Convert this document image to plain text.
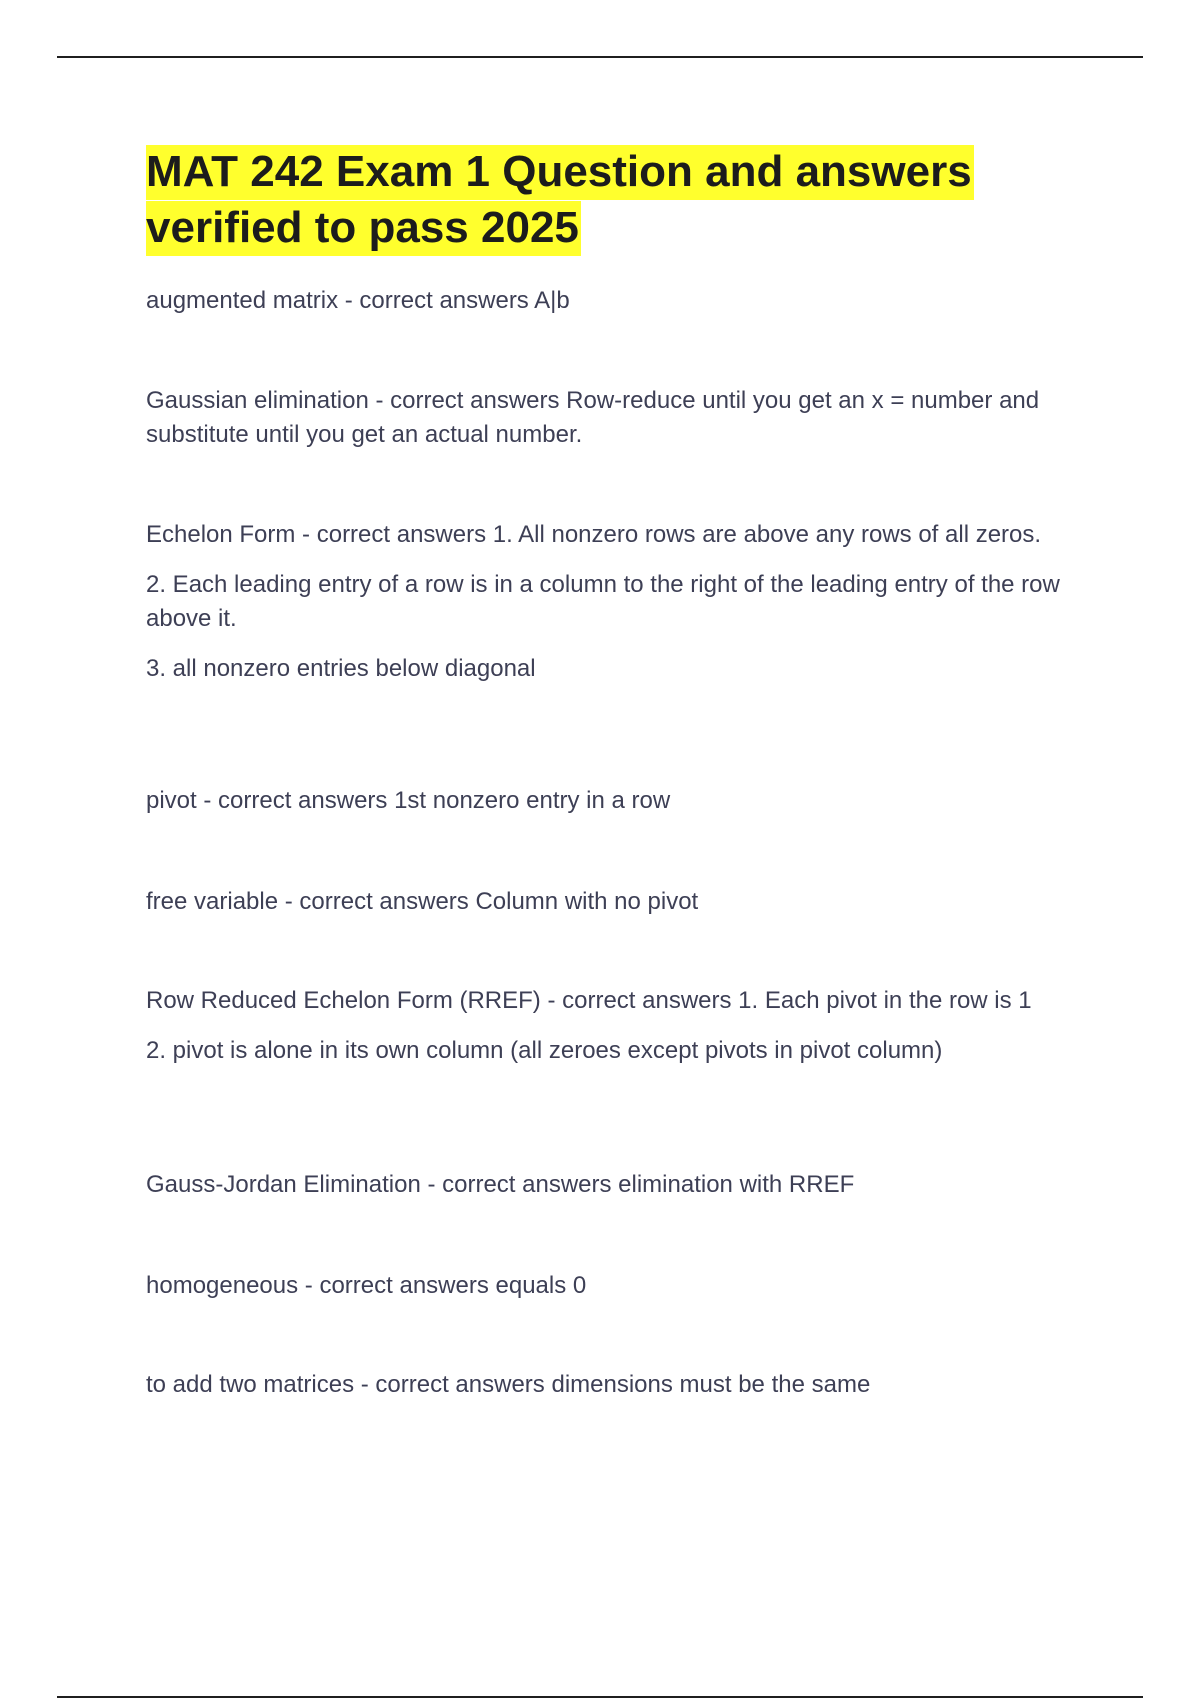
MAT 242 Exam 1 Question and answers
verified to pass 2025

augmented matrix - correct answers A|b

Gaussian elimination - correct answers Row-reduce until you get an x = number and substitute until you get an actual number.

Echelon Form - correct answers 1. All nonzero rows are above any rows of all zeros.

2. Each leading entry of a row is in a column to the right of the leading entry of the row above it.

3. all nonzero entries below diagonal

pivot - correct answers 1st nonzero entry in a row

free variable - correct answers Column with no pivot

Row Reduced Echelon Form (RREF) - correct answers 1. Each pivot in the row is 1

2. pivot is alone in its own column (all zeroes except pivots in pivot column)

Gauss-Jordan Elimination - correct answers elimination with RREF

homogeneous - correct answers equals 0

to add two matrices - correct answers dimensions must be the same
